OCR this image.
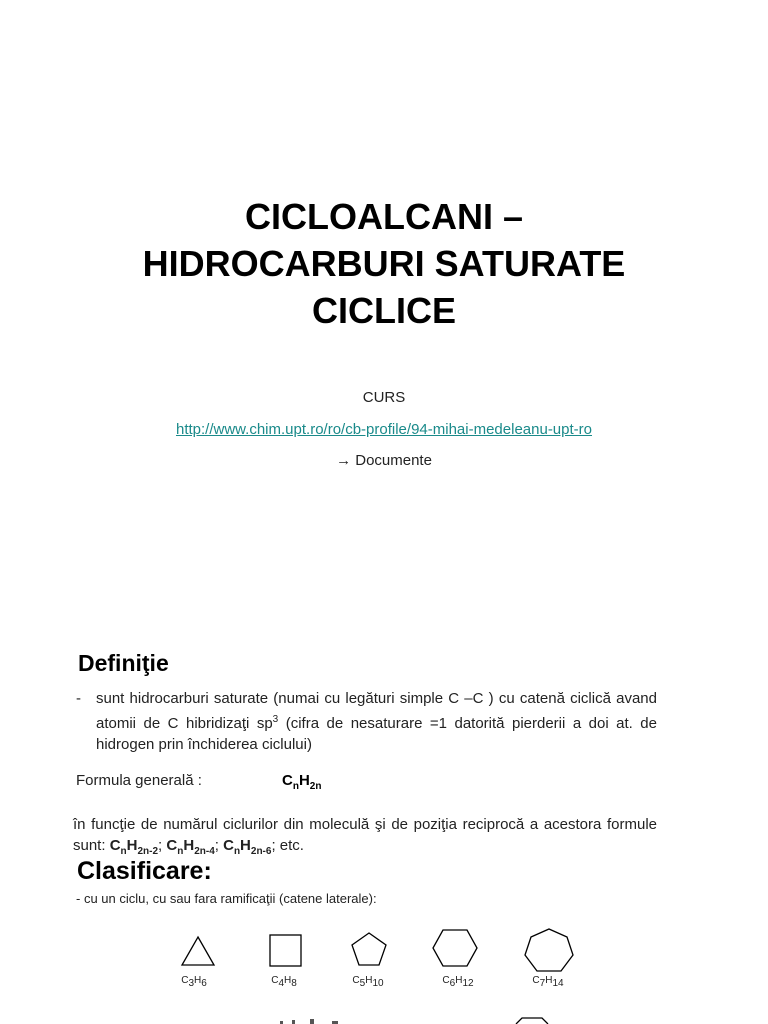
CICLOALCANI –
HIDROCARBURI SATURATE
CICLICE
CURS
http://www.chim.upt.ro/ro/cb-profile/94-mihai-medeleanu-upt-ro
→ Documente
Definiţie
- sunt hidrocarburi saturate (numai cu legături simple C –C ) cu catenă ciclică avand atomii de C hibridizaţi $sp^3$ (cifra de nesaturare =1 datorită pierderii a doi at. de hidrogen prin închiderea ciclului)
Formula generală :	$C_nH_{2n}$
în funcţie de numărul ciclurilor din moleculă şi de poziţia reciprocă a acestora formule sunt: $C_nH_{2n-2}$; $C_nH_{2n-4}$; $C_nH_{2n-6}$; etc.
Clasificare:
- cu un ciclu, cu sau fara ramificaţii (catene laterale):
$C_3H_6$	$C_4H_8$	$C_5H_{10}$	$C_6H_{12}$	$C_7H_{14}$
